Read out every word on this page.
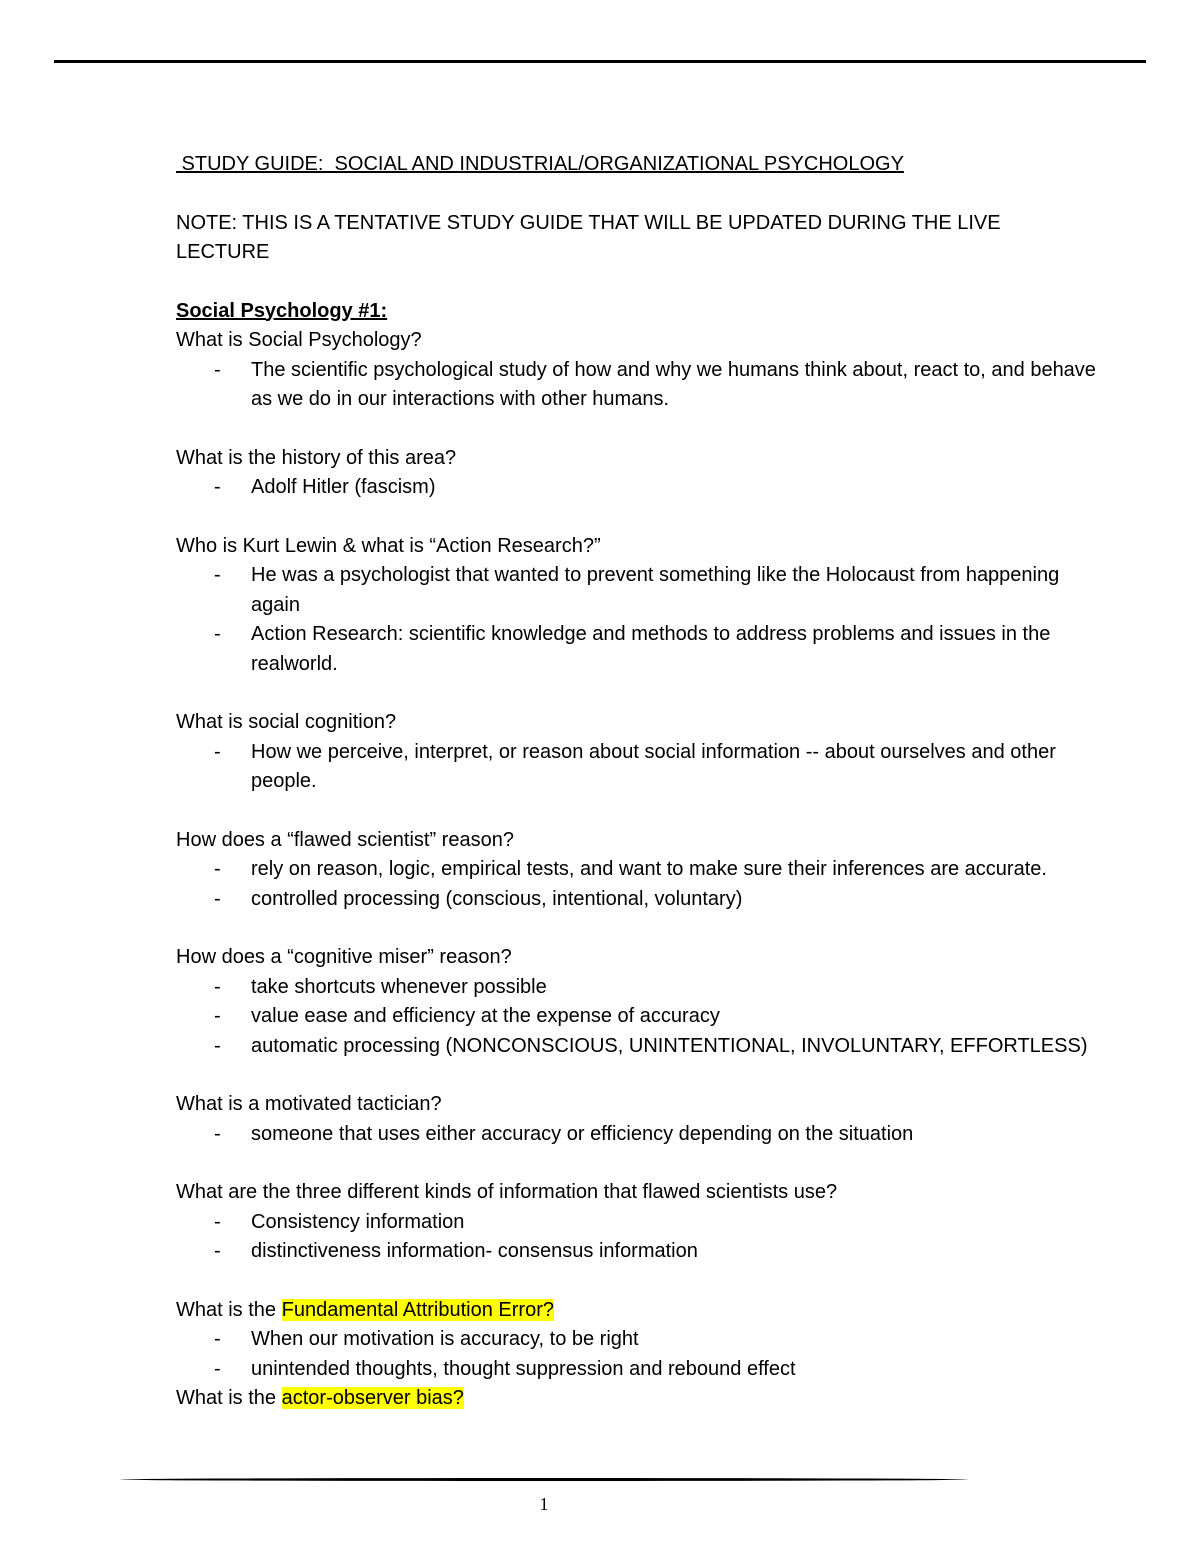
STUDY GUIDE:  SOCIAL AND INDUSTRIAL/ORGANIZATIONAL PSYCHOLOGY

NOTE: THIS IS A TENTATIVE STUDY GUIDE THAT WILL BE UPDATED DURING THE LIVE LECTURE

Social Psychology #1:

What is Social Psychology?

- The scientific psychological study of how and why we humans think about, react to, and behave as we do in our interactions with other humans.

What is the history of this area?

- Adolf Hitler (fascism)

Who is Kurt Lewin & what is “Action Research?”

- He was a psychologist that wanted to prevent something like the Holocaust from happening again
- Action Research: scientific knowledge and methods to address problems and issues in the realworld.

What is social cognition?

- How we perceive, interpret, or reason about social information -- about ourselves and other people.

How does a “flawed scientist” reason?

- rely on reason, logic, empirical tests, and want to make sure their inferences are accurate.
- controlled processing (conscious, intentional, voluntary)

How does a “cognitive miser” reason?

- take shortcuts whenever possible
- value ease and efficiency at the expense of accuracy
- automatic processing (NONCONSCIOUS, UNINTENTIONAL, INVOLUNTARY, EFFORTLESS)

What is a motivated tactician?

- someone that uses either accuracy or efficiency depending on the situation

What are the three different kinds of information that flawed scientists use?

- Consistency information
- distinctiveness information- consensus information

What is the Fundamental Attribution Error?

- When our motivation is accuracy, to be right
- unintended thoughts, thought suppression and rebound effect

What is the actor-observer bias?

1
